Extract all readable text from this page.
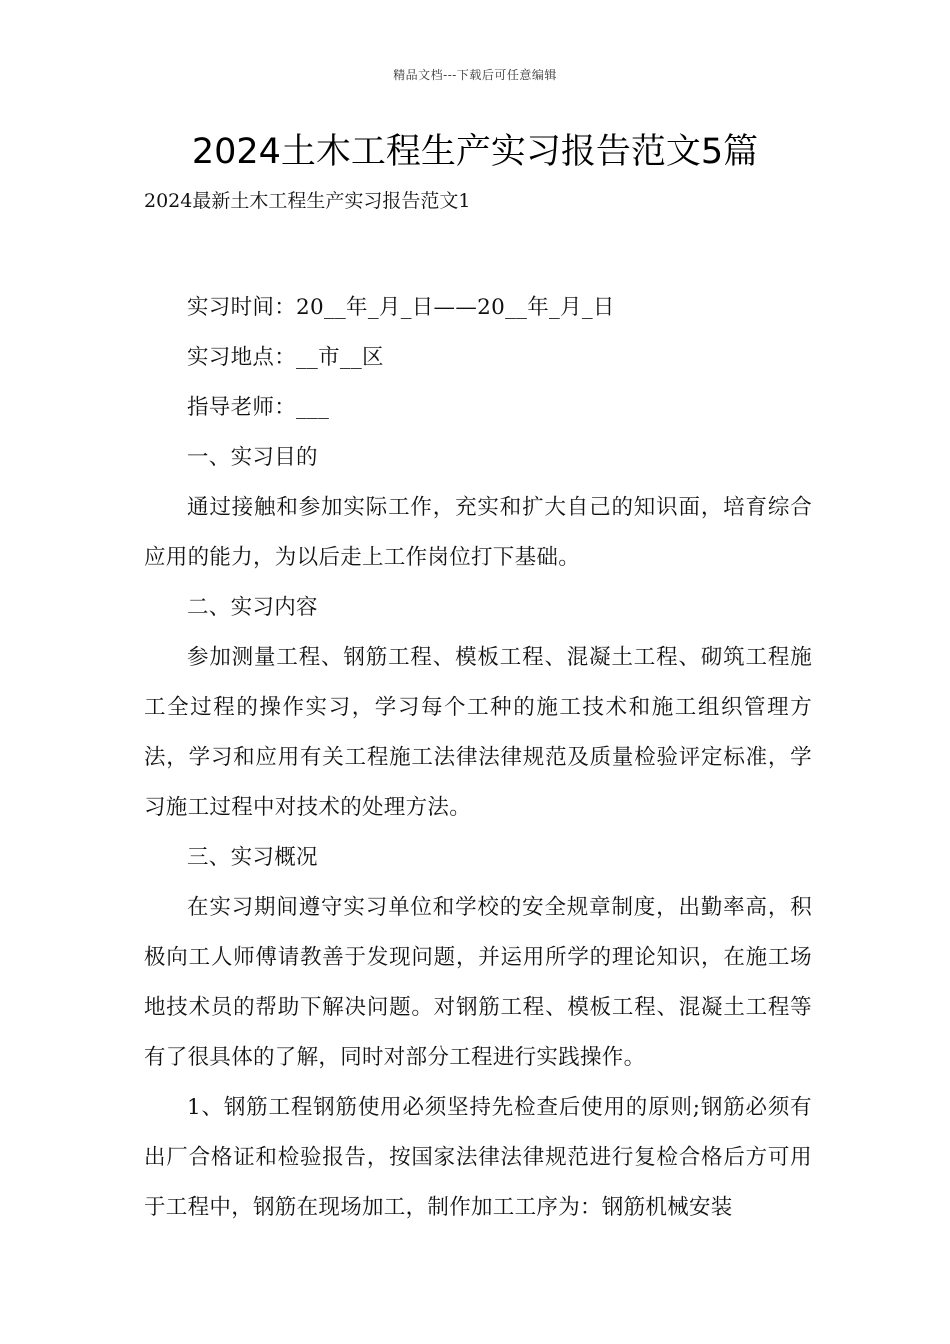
精品文档---下载后可任意编辑
2024土木工程生产实习报告范文5篇

2024最新土木工程生产实习报告范文1

实习时间：20__年_月_日——20__年_月_日

实习地点：__市__区

指导老师：___

一、实习目的

通过接触和参加实际工作，充实和扩大自己的知识面，培育综合应用的能力，为以后走上工作岗位打下基础。

二、实习内容

参加测量工程、钢筋工程、模板工程、混凝土工程、砌筑工程施工全过程的操作实习，学习每个工种的施工技术和施工组织管理方法，学习和应用有关工程施工法律法律规范及质量检验评定标准，学习施工过程中对技术的处理方法。

三、实习概况

在实习期间遵守实习单位和学校的安全规章制度，出勤率高，积极向工人师傅请教善于发现问题，并运用所学的理论知识，在施工场地技术员的帮助下解决问题。对钢筋工程、模板工程、混凝土工程等有了很具体的了解，同时对部分工程进行实践操作。

1、钢筋工程钢筋使用必须坚持先检查后使用的原则;钢筋必须有出厂合格证和检验报告，按国家法律法律规范进行复检合格后方可用于工程中，钢筋在现场加工，制作加工工序为：钢筋机械安装
